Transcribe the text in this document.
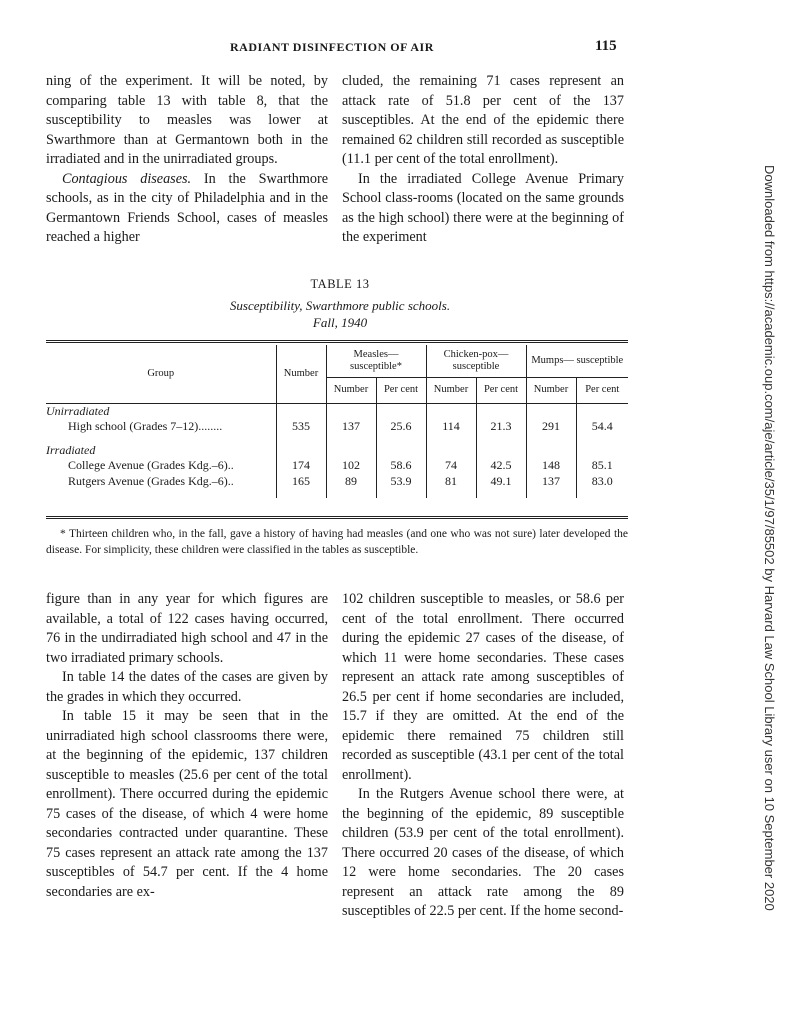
RADIANT DISINFECTION OF AIR	115

ning of the experiment. It will be noted, by comparing table 13 with table 8, that the susceptibility to measles was lower at Swarthmore than at Germantown both in the irradiated and in the unirradiated groups.

Contagious diseases. In the Swarthmore schools, as in the city of Philadelphia and in the Germantown Friends School, cases of measles reached a higher

cluded, the remaining 71 cases represent an attack rate of 51.8 per cent of the 137 susceptibles. At the end of the epidemic there remained 62 children still recorded as susceptible (11.1 per cent of the total enrollment).

In the irradiated College Avenue Primary School class-rooms (located on the same grounds as the high school) there were at the beginning of the experiment

TABLE 13
Susceptibility, Swarthmore public schools.
Fall, 1940
Group	Number	Measles— susceptible*		Chicken-pox— susceptible		Mumps— susceptible	
		Number	Per cent	Number	Per cent	Number	Per cent
Unirradiated							
High school (Grades 7–12)........	535	137	25.6	114	21.3	291	54.4

Irradiated							
College Avenue (Grades Kdg.–6)..	174	102	58.6	74	42.5	148	85.1
Rutgers Avenue (Grades Kdg.–6)..	165	89	53.9	81	49.1	137	83.0

* Thirteen children who, in the fall, gave a history of having had measles (and one who was not sure) later developed the disease. For simplicity, these children were classified in the tables as susceptible.

figure than in any year for which figures are available, a total of 122 cases having occurred, 76 in the undirradiated high school and 47 in the two irradiated primary schools.

In table 14 the dates of the cases are given by the grades in which they occurred.

In table 15 it may be seen that in the unirradiated high school classrooms there were, at the beginning of the epidemic, 137 children susceptible to measles (25.6 per cent of the total enrollment). There occurred during the epidemic 75 cases of the disease, of which 4 were home secondaries contracted under quarantine. These 75 cases represent an attack rate among the 137 susceptibles of 54.7 per cent. If the 4 home secondaries are ex-

102 children susceptible to measles, or 58.6 per cent of the total enrollment. There occurred during the epidemic 27 cases of the disease, of which 11 were home secondaries. These cases represent an attack rate among susceptibles of 26.5 per cent if home secondaries are included, 15.7 if they are omitted. At the end of the epidemic there remained 75 children still recorded as susceptible (43.1 per cent of the total enrollment).

In the Rutgers Avenue school there were, at the beginning of the epidemic, 89 susceptible children (53.9 per cent of the total enrollment). There occurred 20 cases of the disease, of which 12 were home secondaries. The 20 cases represent an attack rate among the 89 susceptibles of 22.5 per cent. If the home second-

Downloaded from https://academic.oup.com/aje/article/35/1/97/85502 by Harvard Law School Library user on 10 September 2020
